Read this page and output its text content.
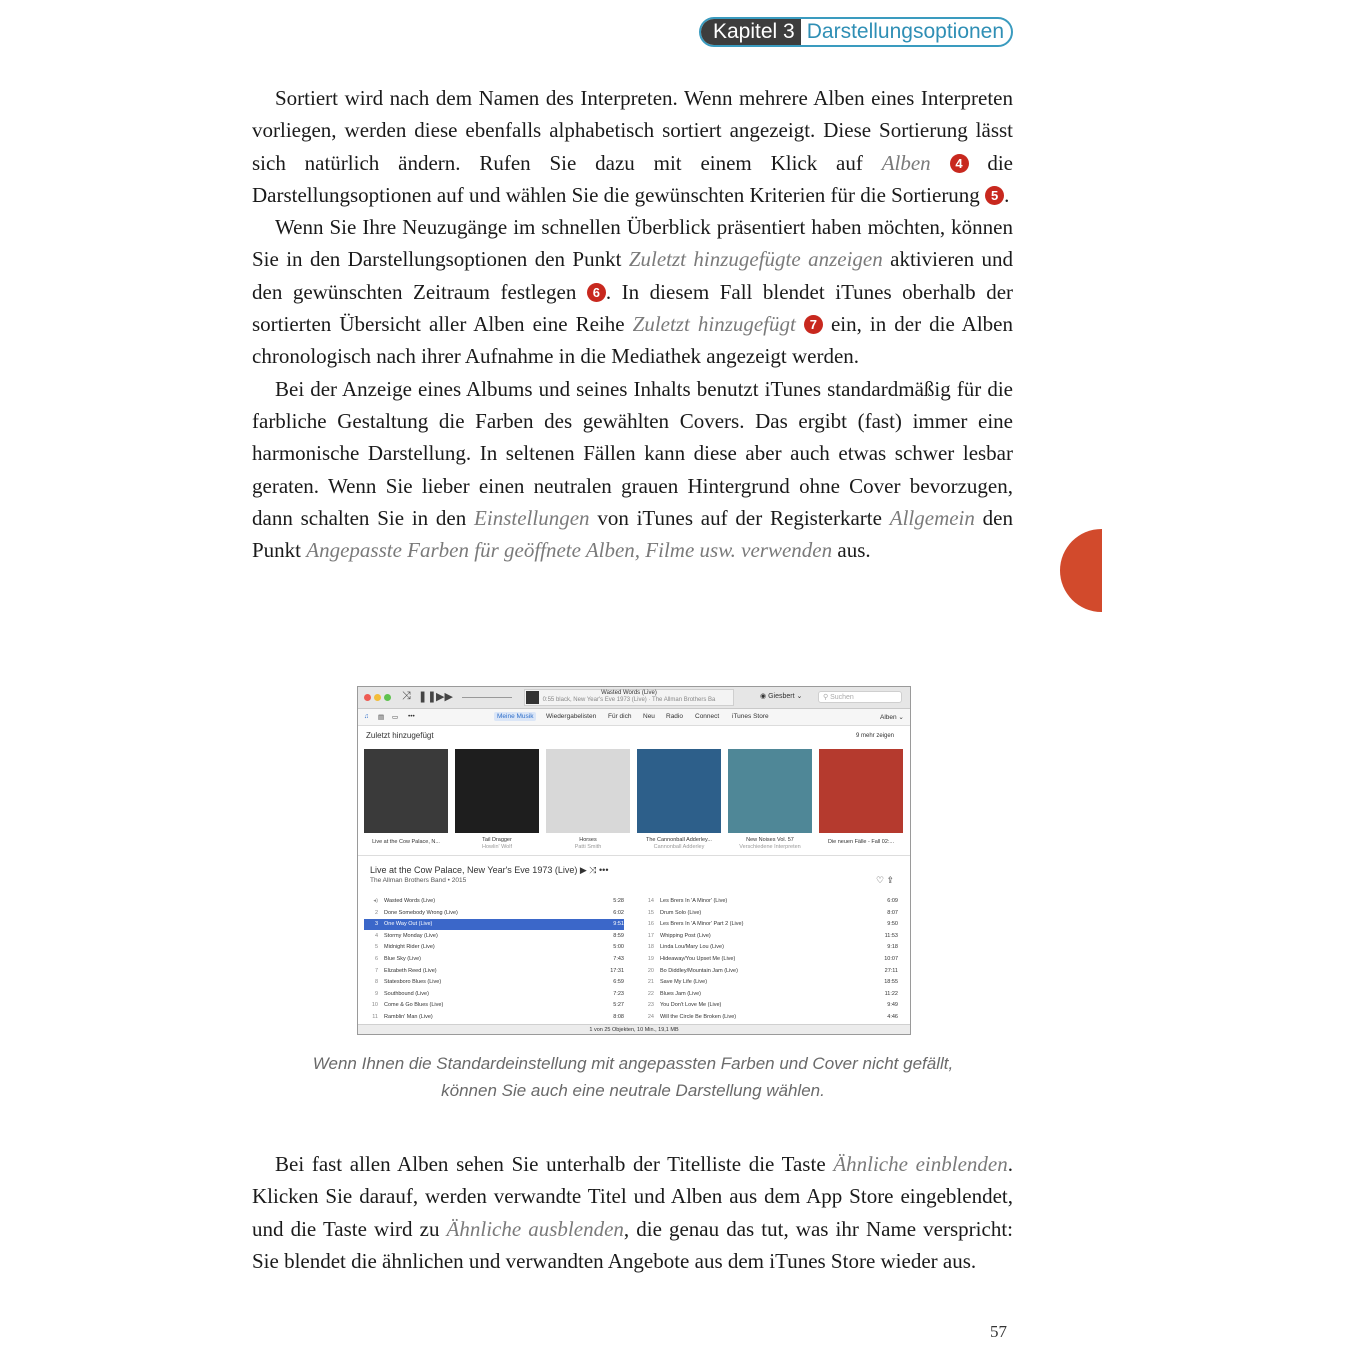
Kapitel 3 Darstellungsoptionen

Sortiert wird nach dem Namen des Interpreten. Wenn mehrere Alben eines Interpreten vorliegen, werden diese ebenfalls alphabetisch sortiert angezeigt. Diese Sortierung lässt sich natürlich ändern. Rufen Sie dazu mit einem Klick auf Alben 4 die Darstellungsoptionen auf und wählen Sie die gewünschten Kriterien für die Sortierung 5 .

Wenn Sie Ihre Neuzugänge im schnellen Überblick präsentiert haben möchten, können Sie in den Darstellungsoptionen den Punkt Zuletzt hinzugefügte anzeigen aktivieren und den gewünschten Zeitraum festlegen 6 . In diesem Fall blendet iTunes oberhalb der sortierten Übersicht aller Alben eine Reihe Zuletzt hinzugefügt 7 ein, in der die Alben chronologisch nach ihrer Aufnahme in die Mediathek angezeigt werden.

Bei der Anzeige eines Albums und seines Inhalts benutzt iTunes standardmäßig für die farbliche Gestaltung die Farben des gewählten Covers. Das ergibt (fast) immer eine harmonische Darstellung. In seltenen Fällen kann diese aber auch etwas schwer lesbar geraten. Wenn Sie lieber einen neutralen grauen Hintergrund ohne Cover bevorzugen, dann schalten Sie in den Einstellungen von iTunes auf der Registerkarte Allgemein den Punkt Angepasste Farben für geöffnete Alben, Filme usw. verwenden aus.

⤨ ❚❚ ▶▶	Wasted Words (Live)
0:55 black, New Year's Eve 1973 (Live) · The Allman Brothers Ba	◉ Giesbert ⌄	⚲ Suchen
♫ ▤ ▭ •••	Meine Musik	Wiedergabelisten Für dich Neu Radio Connect iTunes Store	Alben ⌄
Zuletzt hinzugefügt	9 mehr zeigen
Live at the Cow Palace, N...	Tail Dragger
Howlin' Wolf
Horses
Patti Smith
The Cannonball Adderley...
Cannonball Adderley
New Noises Vol. 57
Verschiedene Interpreten
Die neuen Fälle - Fall 02:...
Live at the Cow Palace, New Year's Eve 1973 (Live) ▶ ⤨ •••
The Allman Brothers Band • 2015	♡ ⇪
1 von 25 Objekten, 10 Min., 19,1 MB
◂) Wasted Words (Live)	5:28
2 Done Somebody Wrong (Live)	6:02
3 One Way Out (Live)	9:51
4 Stormy Monday (Live)	8:59
5 Midnight Rider (Live)	5:00
6 Blue Sky (Live)	7:43
7 Elizabeth Reed (Live)	17:31
8 Statesboro Blues (Live)	6:59
9 Southbound (Live)	7:23
10 Come & Go Blues (Live)	5:27
11 Ramblin' Man (Live)	8:08
14 Les Brers In 'A Minor' (Live)	6:09
15 Drum Solo (Live)	8:07
16 Les Brers In 'A Minor' Part 2 (Live)	9:50
17 Whipping Post (Live)	11:53
18 Linda Lou/Mary Lou (Live)	9:18
19 Hideaway/You Upset Me (Live)	10:07
20 Bo Diddley/Mountain Jam (Live)	27:11
21 Save My Life (Live)	18:55
22 Blues Jam (Live)	11:22
23 You Don't Love Me (Live)	9:49
24 Will the Circle Be Broken (Live)	4:46
Wenn Ihnen die Standardeinstellung mit angepassten Farben und Cover nicht gefällt,
können Sie auch eine neutrale Darstellung wählen.

Bei fast allen Alben sehen Sie unterhalb der Titelliste die Taste Ähnliche einblenden. Klicken Sie darauf, werden verwandte Titel und Alben aus dem App Store eingeblendet, und die Taste wird zu Ähnliche ausblenden, die genau das tut, was ihr Name verspricht: Sie blendet die ähnlichen und verwandten Angebote aus dem iTunes Store wieder aus.

57
